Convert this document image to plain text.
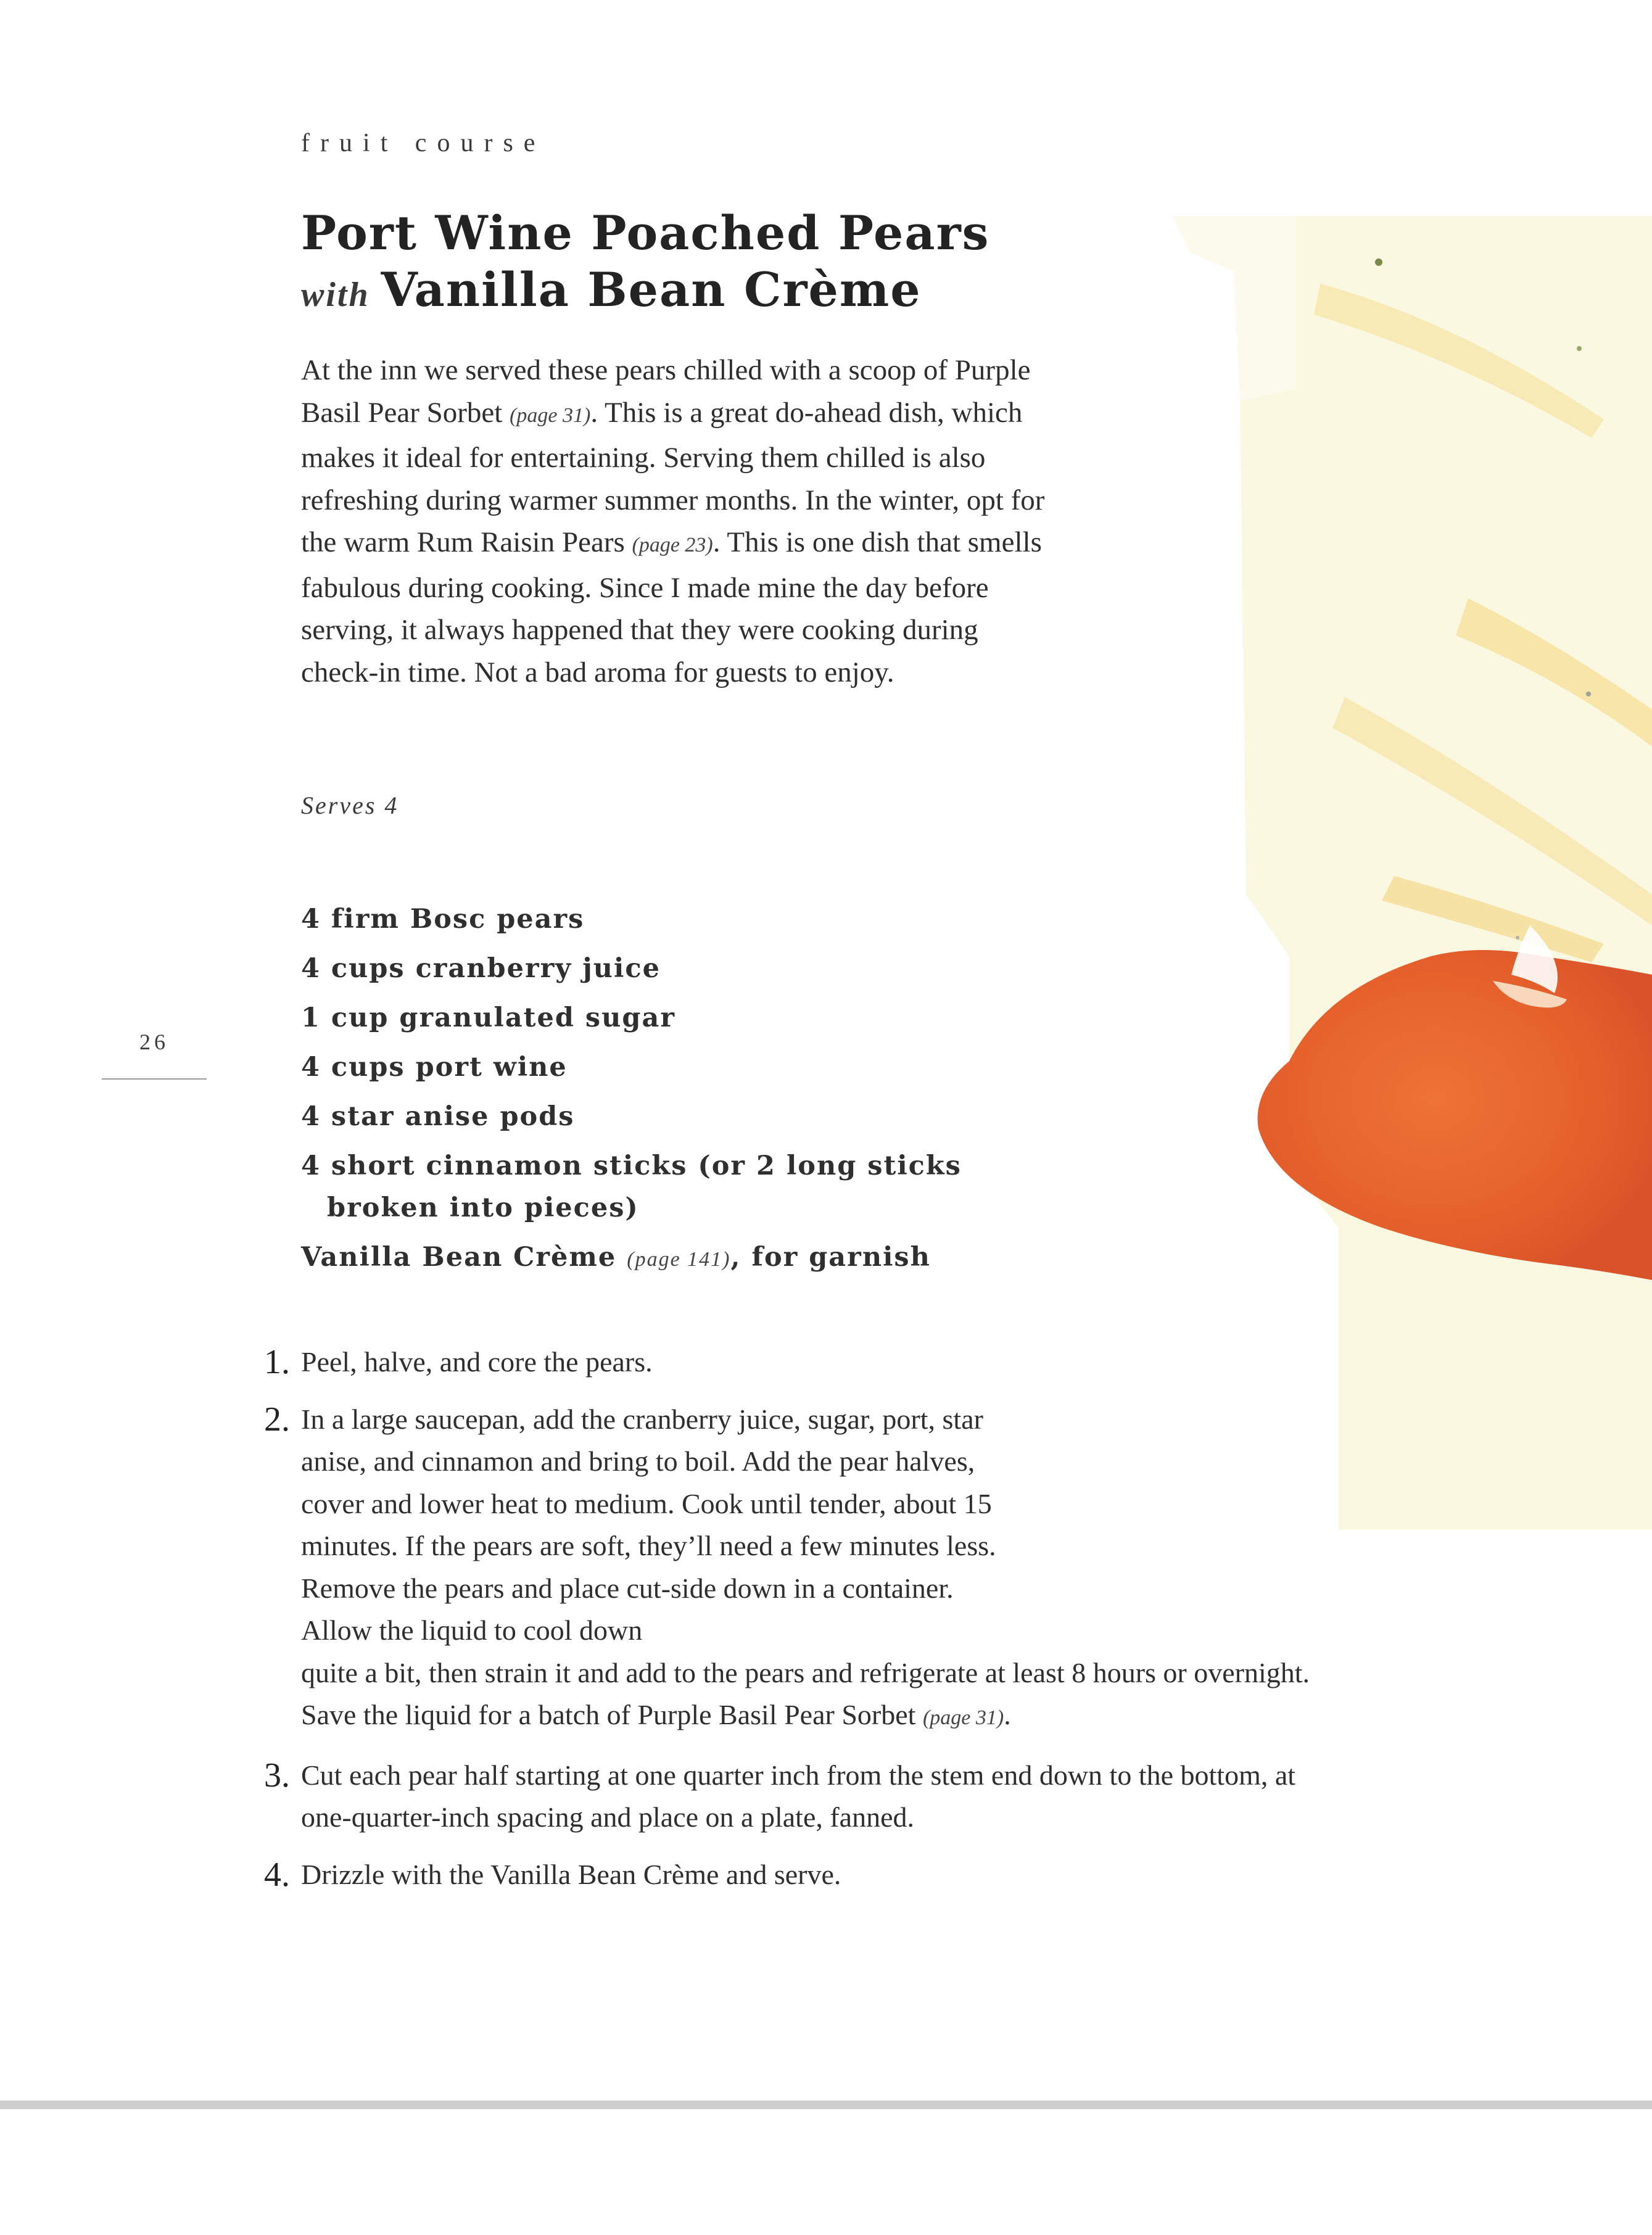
fruit course
Port Wine Poached Pears
with Vanilla Bean Crème

At the inn we served these pears chilled with a scoop of Purple Basil Pear Sorbet (page 31). This is a great do-ahead dish, which makes it ideal for entertaining. Serving them chilled is also refreshing during warmer summer months. In the winter, opt for the warm Rum Raisin Pears (page 23). This is one dish that smells fabulous during cooking. Since I made mine the day before serving, it always happened that they were cooking during check-in time. Not a bad aroma for guests to enjoy.

Serves 4
26
4 firm Bosc pears
4 cups cranberry juice
1 cup granulated sugar
4 cups port wine
4 star anise pods
4 short cinnamon sticks (or 2 long sticks broken into pieces)
Vanilla Bean Crème (page 141), for garnish
1. Peel, halve, and core the pears.
2. In a large saucepan, add the cranberry juice, sugar, port, star anise, and cinnamon and bring to boil. Add the pear halves, cover and lower heat to medium. Cook until tender, about 15 minutes. If the pears are soft, they’ll need a few minutes less. Remove the pears and place cut-side down in a container. Allow the liquid to cool down
quite a bit, then strain it and add to the pears and refrigerate at least 8 hours or overnight. Save the liquid for a batch of Purple Basil Pear Sorbet (page 31).
3. Cut each pear half starting at one quarter inch from the stem end down to the bottom, at one-quarter-inch spacing and place on a plate, fanned.
4. Drizzle with the Vanilla Bean Crème and serve.
